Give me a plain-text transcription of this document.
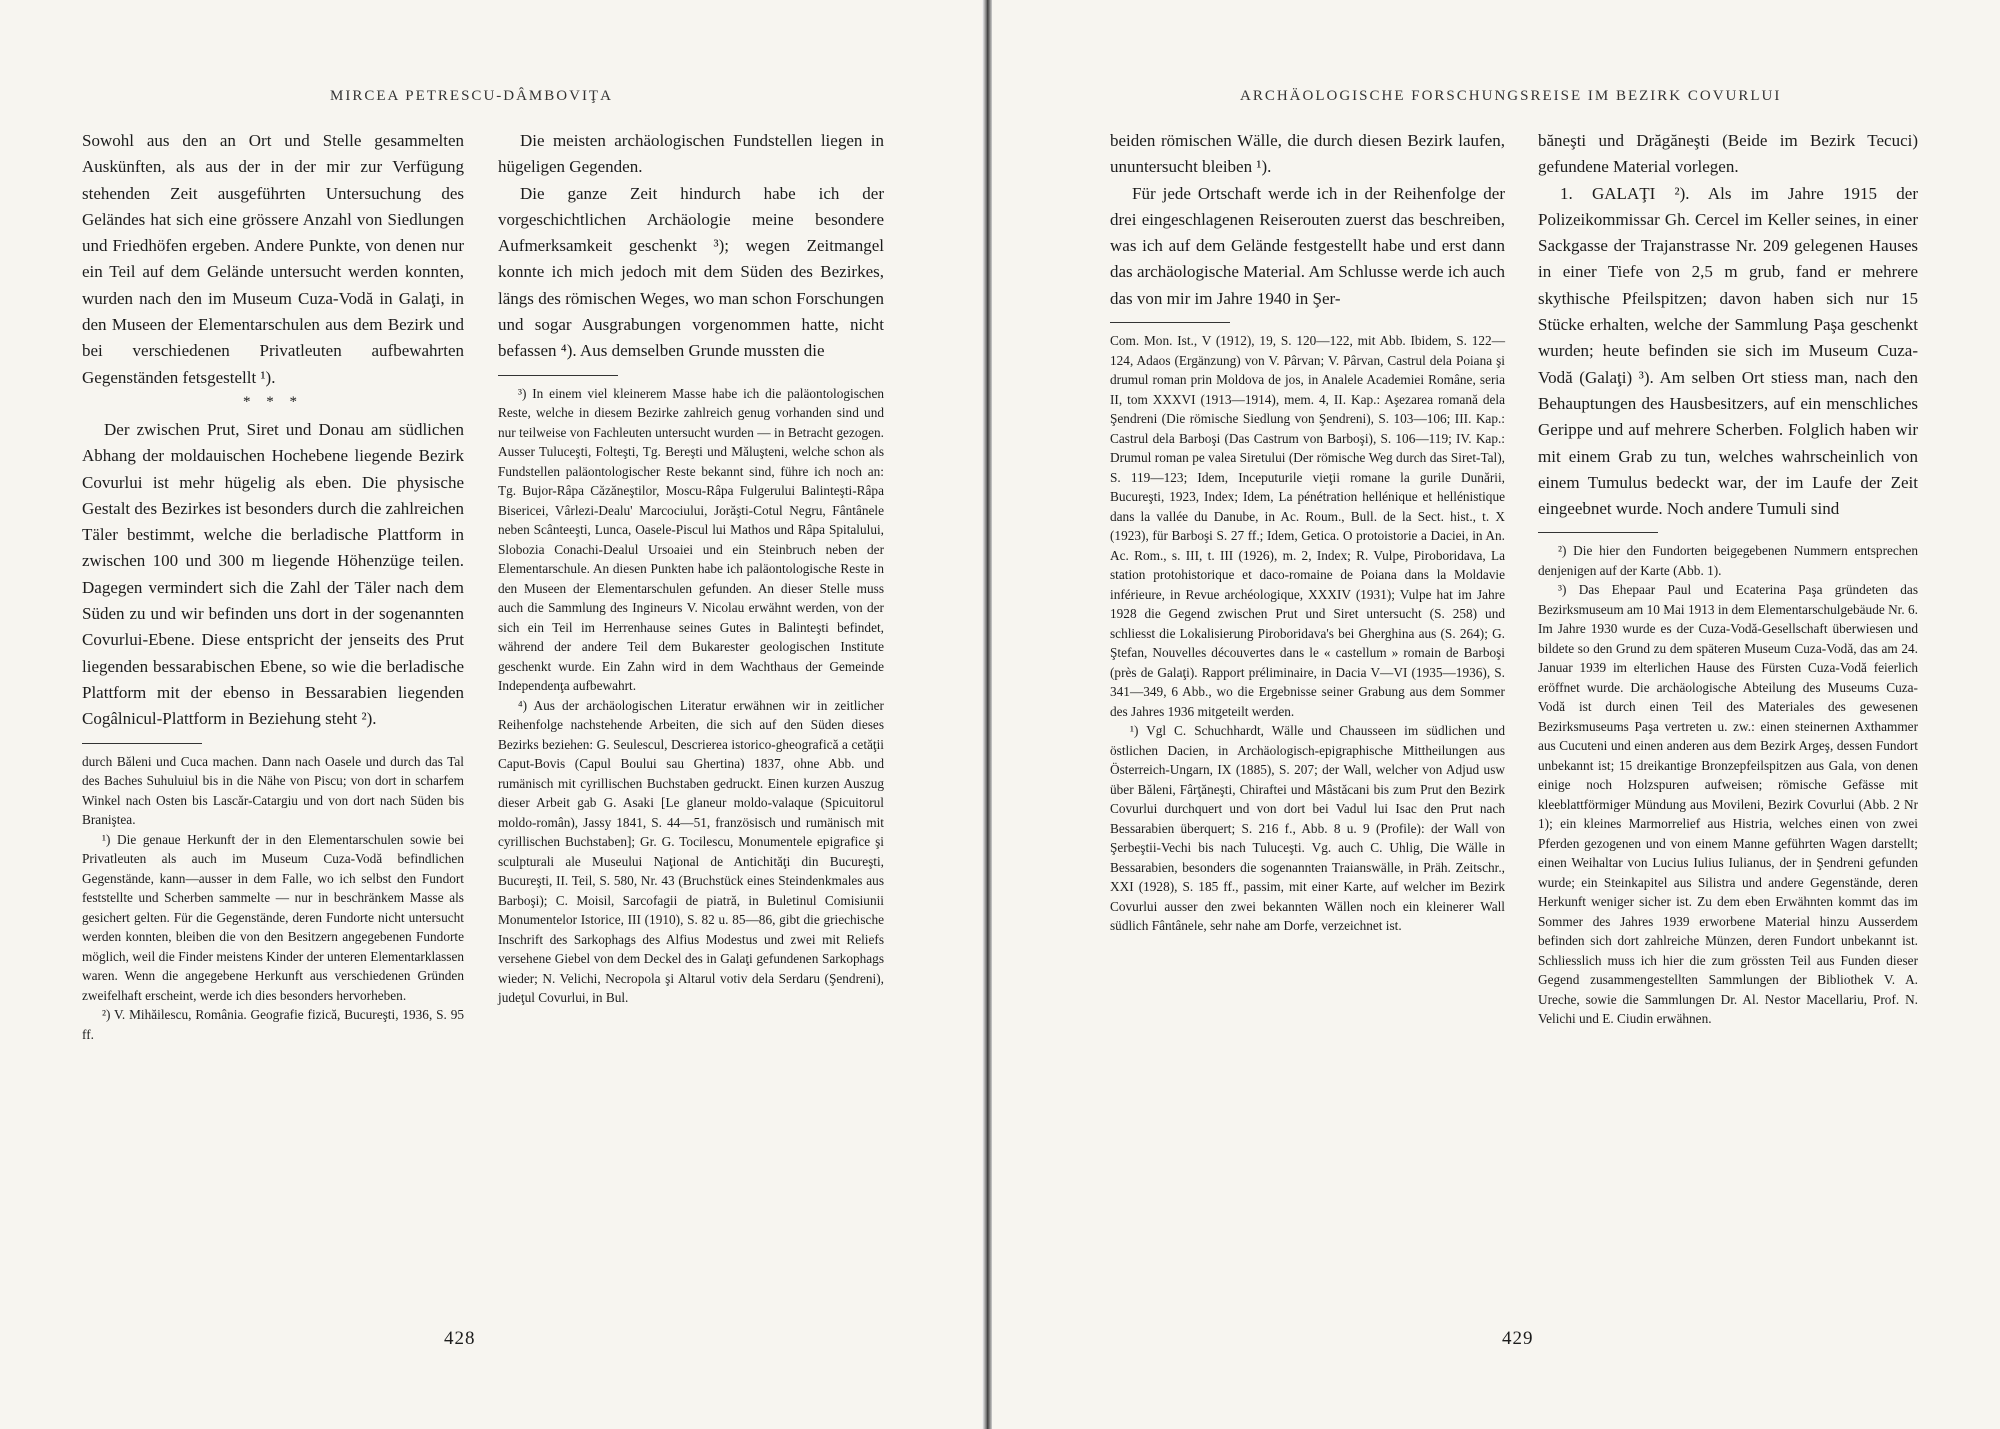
MIRCEA PETRESCU-DÂMBOVIŢA

Sowohl aus den an Ort und Stelle gesammelten Auskünften, als aus der in der mir zur Verfügung stehenden Zeit ausgeführten Untersuchung des Geländes hat sich eine grössere Anzahl von Siedlungen und Friedhöfen ergeben. Andere Punkte, von denen nur ein Teil auf dem Gelände untersucht werden konnten, wurden nach den im Museum Cuza-Vodă in Galaţi, in den Museen der Elementarschulen aus dem Bezirk und bei verschiedenen Privatleuten aufbewahrten Gegenständen fetsgestellt ¹).

* * *

Der zwischen Prut, Siret und Donau am südlichen Abhang der moldauischen Hochebene liegende Bezirk Covurlui ist mehr hügelig als eben. Die physische Gestalt des Bezirkes ist besonders durch die zahlreichen Täler bestimmt, welche die berladische Plattform in zwischen 100 und 300 m liegende Höhenzüge teilen. Dagegen vermindert sich die Zahl der Täler nach dem Süden zu und wir befinden uns dort in der sogenannten Covurlui-Ebene. Diese entspricht der jenseits des Prut liegenden bessarabischen Ebene, so wie die berladische Plattform mit der ebenso in Bessarabien liegenden Cogâlnicul-Plattform in Beziehung steht ²).

durch Băleni und Cuca machen. Dann nach Oasele und durch das Tal des Baches Suhuluiul bis in die Nähe von Piscu; von dort in scharfem Winkel nach Osten bis Lascăr-Catargiu und von dort nach Süden bis Braniştea.

¹) Die genaue Herkunft der in den Elementarschulen sowie bei Privatleuten als auch im Museum Cuza-Vodă befindlichen Gegenstände, kann—ausser in dem Falle, wo ich selbst den Fundort feststellte und Scherben sammelte — nur in beschränkem Masse als gesichert gelten. Für die Gegenstände, deren Fundorte nicht untersucht werden konnten, bleiben die von den Besitzern angegebenen Fundorte möglich, weil die Finder meistens Kinder der unteren Elementarklassen waren. Wenn die angegebene Herkunft aus verschiedenen Gründen zweifelhaft erscheint, werde ich dies besonders hervorheben.

²) V. Mihăilescu, România. Geografie fizică, Bucureşti, 1936, S. 95 ff.

Die meisten archäologischen Fundstellen liegen in hügeligen Gegenden.

Die ganze Zeit hindurch habe ich der vorgeschichtlichen Archäologie meine besondere Aufmerksamkeit geschenkt ³); wegen Zeitmangel konnte ich mich jedoch mit dem Süden des Bezirkes, längs des römischen Weges, wo man schon Forschungen und sogar Ausgrabungen vorgenommen hatte, nicht befassen ⁴). Aus demselben Grunde mussten die

³) In einem viel kleinerem Masse habe ich die paläontologischen Reste, welche in diesem Bezirke zahlreich genug vorhanden sind und nur teilweise von Fachleuten untersucht wurden — in Betracht gezogen. Ausser Tuluceşti, Folteşti, Tg. Bereşti und Măluşteni, welche schon als Fundstellen paläontologischer Reste bekannt sind, führe ich noch an: Tg. Bujor-Râpa Căzăneştilor, Moscu-Râpa Fulgerului Balinteşti-Râpa Bisericei, Vârlezi-Dealu' Marcociului, Jorăşti-Cotul Negru, Fântânele neben Scânteeşti, Lunca, Oasele-Piscul lui Mathos und Râpa Spitalului, Slobozia Conachi-Dealul Ursoaiei und ein Steinbruch neben der Elementarschule. An diesen Punkten habe ich paläontologische Reste in den Museen der Elementarschulen gefunden. An dieser Stelle muss auch die Sammlung des Ingineurs V. Nicolau erwähnt werden, von der sich ein Teil im Herrenhause seines Gutes in Balinteşti befindet, während der andere Teil dem Bukarester geologischen Institute geschenkt wurde. Ein Zahn wird in dem Wachthaus der Gemeinde Independenţa aufbewahrt.

⁴) Aus der archäologischen Literatur erwähnen wir in zeitlicher Reihenfolge nachstehende Arbeiten, die sich auf den Süden dieses Bezirks beziehen: G. Seulescul, Descrierea istorico-gheografică a cetăţii Caput-Bovis (Capul Boului sau Ghertina) 1837, ohne Abb. und rumänisch mit cyrillischen Buchstaben gedruckt. Einen kurzen Auszug dieser Arbeit gab G. Asaki [Le glaneur moldo-valaque (Spicuitorul moldo-român), Jassy 1841, S. 44—51, französisch und rumänisch mit cyrillischen Buchstaben]; Gr. G. Tocilescu, Monumentele epigrafice şi sculpturali ale Museului Naţional de Antichităţi din Bucureşti, Bucureşti, II. Teil, S. 580, Nr. 43 (Bruchstück eines Steindenkmales aus Barboşi); C. Moisil, Sarcofagii de piatră, in Buletinul Comisiunii Monumentelor Istorice, III (1910), S. 82 u. 85—86, gibt die griechische Inschrift des Sarkophags des Alfius Modestus und zwei mit Reliefs versehene Giebel von dem Deckel des in Galaţi gefundenen Sarkophags wieder; N. Velichi, Necropola şi Altarul votiv dela Serdaru (Şendreni), judeţul Covurlui, in Bul.

428
ARCHÄOLOGISCHE FORSCHUNGSREISE IM BEZIRK COVURLUI

beiden römischen Wälle, die durch diesen Bezirk laufen, ununtersucht bleiben ¹).

Für jede Ortschaft werde ich in der Reihenfolge der drei eingeschlagenen Reiserouten zuerst das beschreiben, was ich auf dem Gelände festgestellt habe und erst dann das archäologische Material. Am Schlusse werde ich auch das von mir im Jahre 1940 in Şer-

Com. Mon. Ist., V (1912), 19, S. 120—122, mit Abb. Ibidem, S. 122—124, Adaos (Ergänzung) von V. Pârvan; V. Pârvan, Castrul dela Poiana şi drumul roman prin Moldova de jos, in Analele Academiei Române, seria II, tom XXXVI (1913—1914), mem. 4, II. Kap.: Aşezarea romană dela Şendreni (Die römische Siedlung von Şendreni), S. 103—106; III. Kap.: Castrul dela Barboşi (Das Castrum von Barboşi), S. 106—119; IV. Kap.: Drumul roman pe valea Siretului (Der römische Weg durch das Siret-Tal), S. 119—123; Idem, Inceputurile vieţii romane la gurile Dunării, Bucureşti, 1923, Index; Idem, La pénétration hellénique et hellénistique dans la vallée du Danube, in Ac. Roum., Bull. de la Sect. hist., t. X (1923), für Barboşi S. 27 ff.; Idem, Getica. O protoistorie a Daciei, in An. Ac. Rom., s. III, t. III (1926), m. 2, Index; R. Vulpe, Piroboridava, La station protohistorique et daco-romaine de Poiana dans la Moldavie inférieure, in Revue archéologique, XXXIV (1931); Vulpe hat im Jahre 1928 die Gegend zwischen Prut und Siret untersucht (S. 258) und schliesst die Lokalisierung Piroboridava's bei Gherghina aus (S. 264); G. Ştefan, Nouvelles découvertes dans le « castellum » romain de Barboşi (près de Galaţi). Rapport préliminaire, in Dacia V—VI (1935—1936), S. 341—349, 6 Abb., wo die Ergebnisse seiner Grabung aus dem Sommer des Jahres 1936 mitgeteilt werden.

¹) Vgl C. Schuchhardt, Wälle und Chausseen im südlichen und östlichen Dacien, in Archäologisch-epigraphische Mittheilungen aus Österreich-Ungarn, IX (1885), S. 207; der Wall, welcher von Adjud usw über Băleni, Fârţăneşti, Chiraftei und Mâstăcani bis zum Prut den Bezirk Covurlui durchquert und von dort bei Vadul lui Isac den Prut nach Bessarabien überquert; S. 216 f., Abb. 8 u. 9 (Profile): der Wall von Şerbeştii-Vechi bis nach Tuluceşti. Vg. auch C. Uhlig, Die Wälle in Bessarabien, besonders die sogenannten Traianswälle, in Präh. Zeitschr., XXI (1928), S. 185 ff., passim, mit einer Karte, auf welcher im Bezirk Covurlui ausser den zwei bekannten Wällen noch ein kleinerer Wall südlich Fântânele, sehr nahe am Dorfe, verzeichnet ist.

băneşti und Drăgăneşti (Beide im Bezirk Tecuci) gefundene Material vorlegen.

1. GALAŢI ²). Als im Jahre 1915 der Polizeikommissar Gh. Cercel im Keller seines, in einer Sackgasse der Trajanstrasse Nr. 209 gelegenen Hauses in einer Tiefe von 2,5 m grub, fand er mehrere skythische Pfeilspitzen; davon haben sich nur 15 Stücke erhalten, welche der Sammlung Paşa geschenkt wurden; heute befinden sie sich im Museum Cuza-Vodă (Galaţi) ³). Am selben Ort stiess man, nach den Behauptungen des Hausbesitzers, auf ein menschliches Gerippe und auf mehrere Scherben. Folglich haben wir mit einem Grab zu tun, welches wahrscheinlich von einem Tumulus bedeckt war, der im Laufe der Zeit eingeebnet wurde. Noch andere Tumuli sind

²) Die hier den Fundorten beigegebenen Nummern entsprechen denjenigen auf der Karte (Abb. 1).

³) Das Ehepaar Paul und Ecaterina Paşa gründeten das Bezirksmuseum am 10 Mai 1913 in dem Elementarschulgebäude Nr. 6. Im Jahre 1930 wurde es der Cuza-Vodă-Gesellschaft überwiesen und bildete so den Grund zu dem späteren Museum Cuza-Vodă, das am 24. Januar 1939 im elterlichen Hause des Fürsten Cuza-Vodă feierlich eröffnet wurde. Die archäologische Abteilung des Museums Cuza-Vodă ist durch einen Teil des Materiales des gewesenen Bezirksmuseums Paşa vertreten u. zw.: einen steinernen Axthammer aus Cucuteni und einen anderen aus dem Bezirk Argeş, dessen Fundort unbekannt ist; 15 dreikantige Bronzepfeilspitzen aus Gala, von denen einige noch Holzspuren aufweisen; römische Gefässe mit kleeblattförmiger Mündung aus Movileni, Bezirk Covurlui (Abb. 2 Nr 1); ein kleines Marmorrelief aus Histria, welches einen von zwei Pferden gezogenen und von einem Manne geführten Wagen darstellt; einen Weihaltar von Lucius Iulius Iulianus, der in Şendreni gefunden wurde; ein Steinkapitel aus Silistra und andere Gegenstände, deren Herkunft weniger sicher ist. Zu dem eben Erwähnten kommt das im Sommer des Jahres 1939 erworbene Material hinzu Ausserdem befinden sich dort zahlreiche Münzen, deren Fundort unbekannt ist. Schliesslich muss ich hier die zum grössten Teil aus Funden dieser Gegend zusammengestellten Sammlungen der Bibliothek V. A. Ureche, sowie die Sammlungen Dr. Al. Nestor Macellariu, Prof. N. Velichi und E. Ciudin erwähnen.

429
